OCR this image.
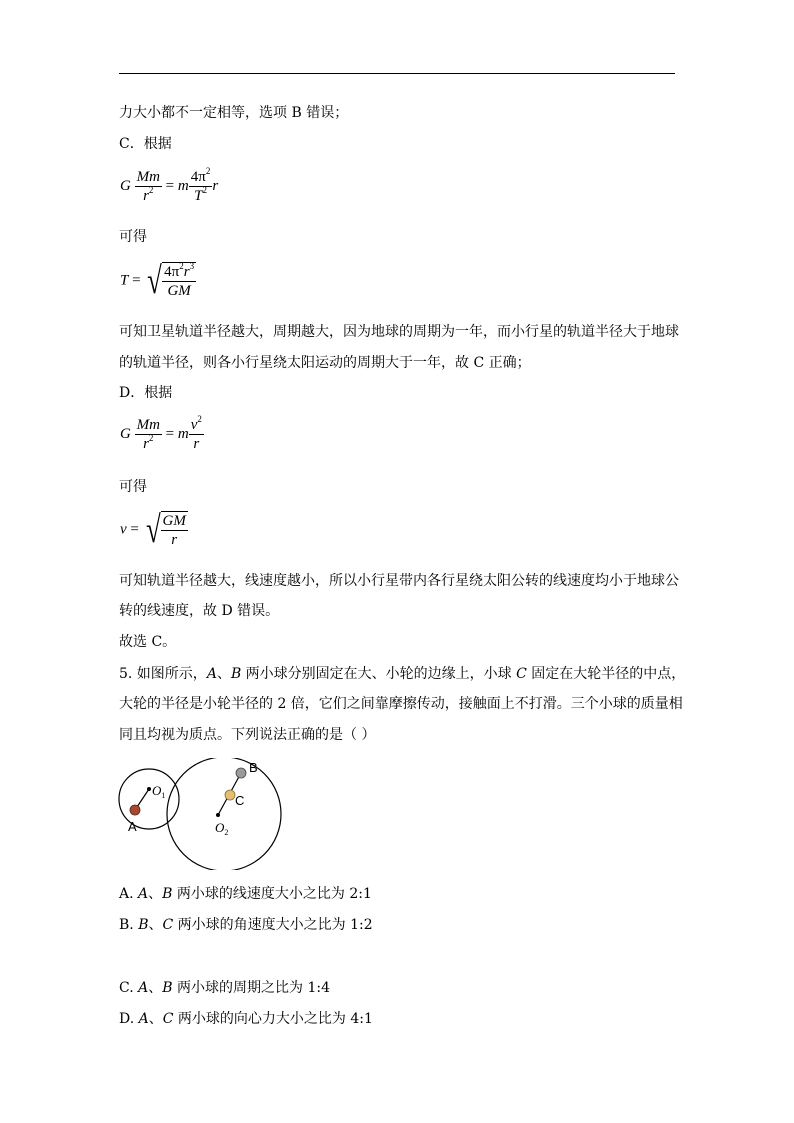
力大小都不一定相等，选项 B 错误；
C．根据
G $\frac{Mm}{r^2} = m \frac{4\pi^2}{T^2}$ r
可得
T = √ $\frac{4\pi^2r^3}{GM}$
可知卫星轨道半径越大，周期越大，因为地球的周期为一年，而小行星的轨道半径大于地球
的轨道半径，则各小行星绕太阳运动的周期大于一年，故 C 正确；
D．根据
G $\frac{Mm}{r^2} = m \frac{v^2}{r}$
可得
v = √ $\frac{GM}{r}$
可知轨道半径越大，线速度越小，所以小行星带内各行星绕太阳公转的线速度均小于地球公
转的线速度，故 D 错误。
故选 C。
5. 如图所示，A、B 两小球分别固定在大、小轮的边缘上，小球 C 固定在大轮半径的中点，
大轮的半径是小轮半径的 2 倍，它们之间靠摩擦传动，接触面上不打滑。三个小球的质量相
同且均视为质点。下列说法正确的是（ ）
A
B
C
$O_1$
$O_2$
A. A、B 两小球的线速度大小之比为 2:1
B. B、C 两小球的角速度大小之比为 1:2
C. A、B 两小球的周期之比为 1:4
D. A、C 两小球的向心力大小之比为 4:1
